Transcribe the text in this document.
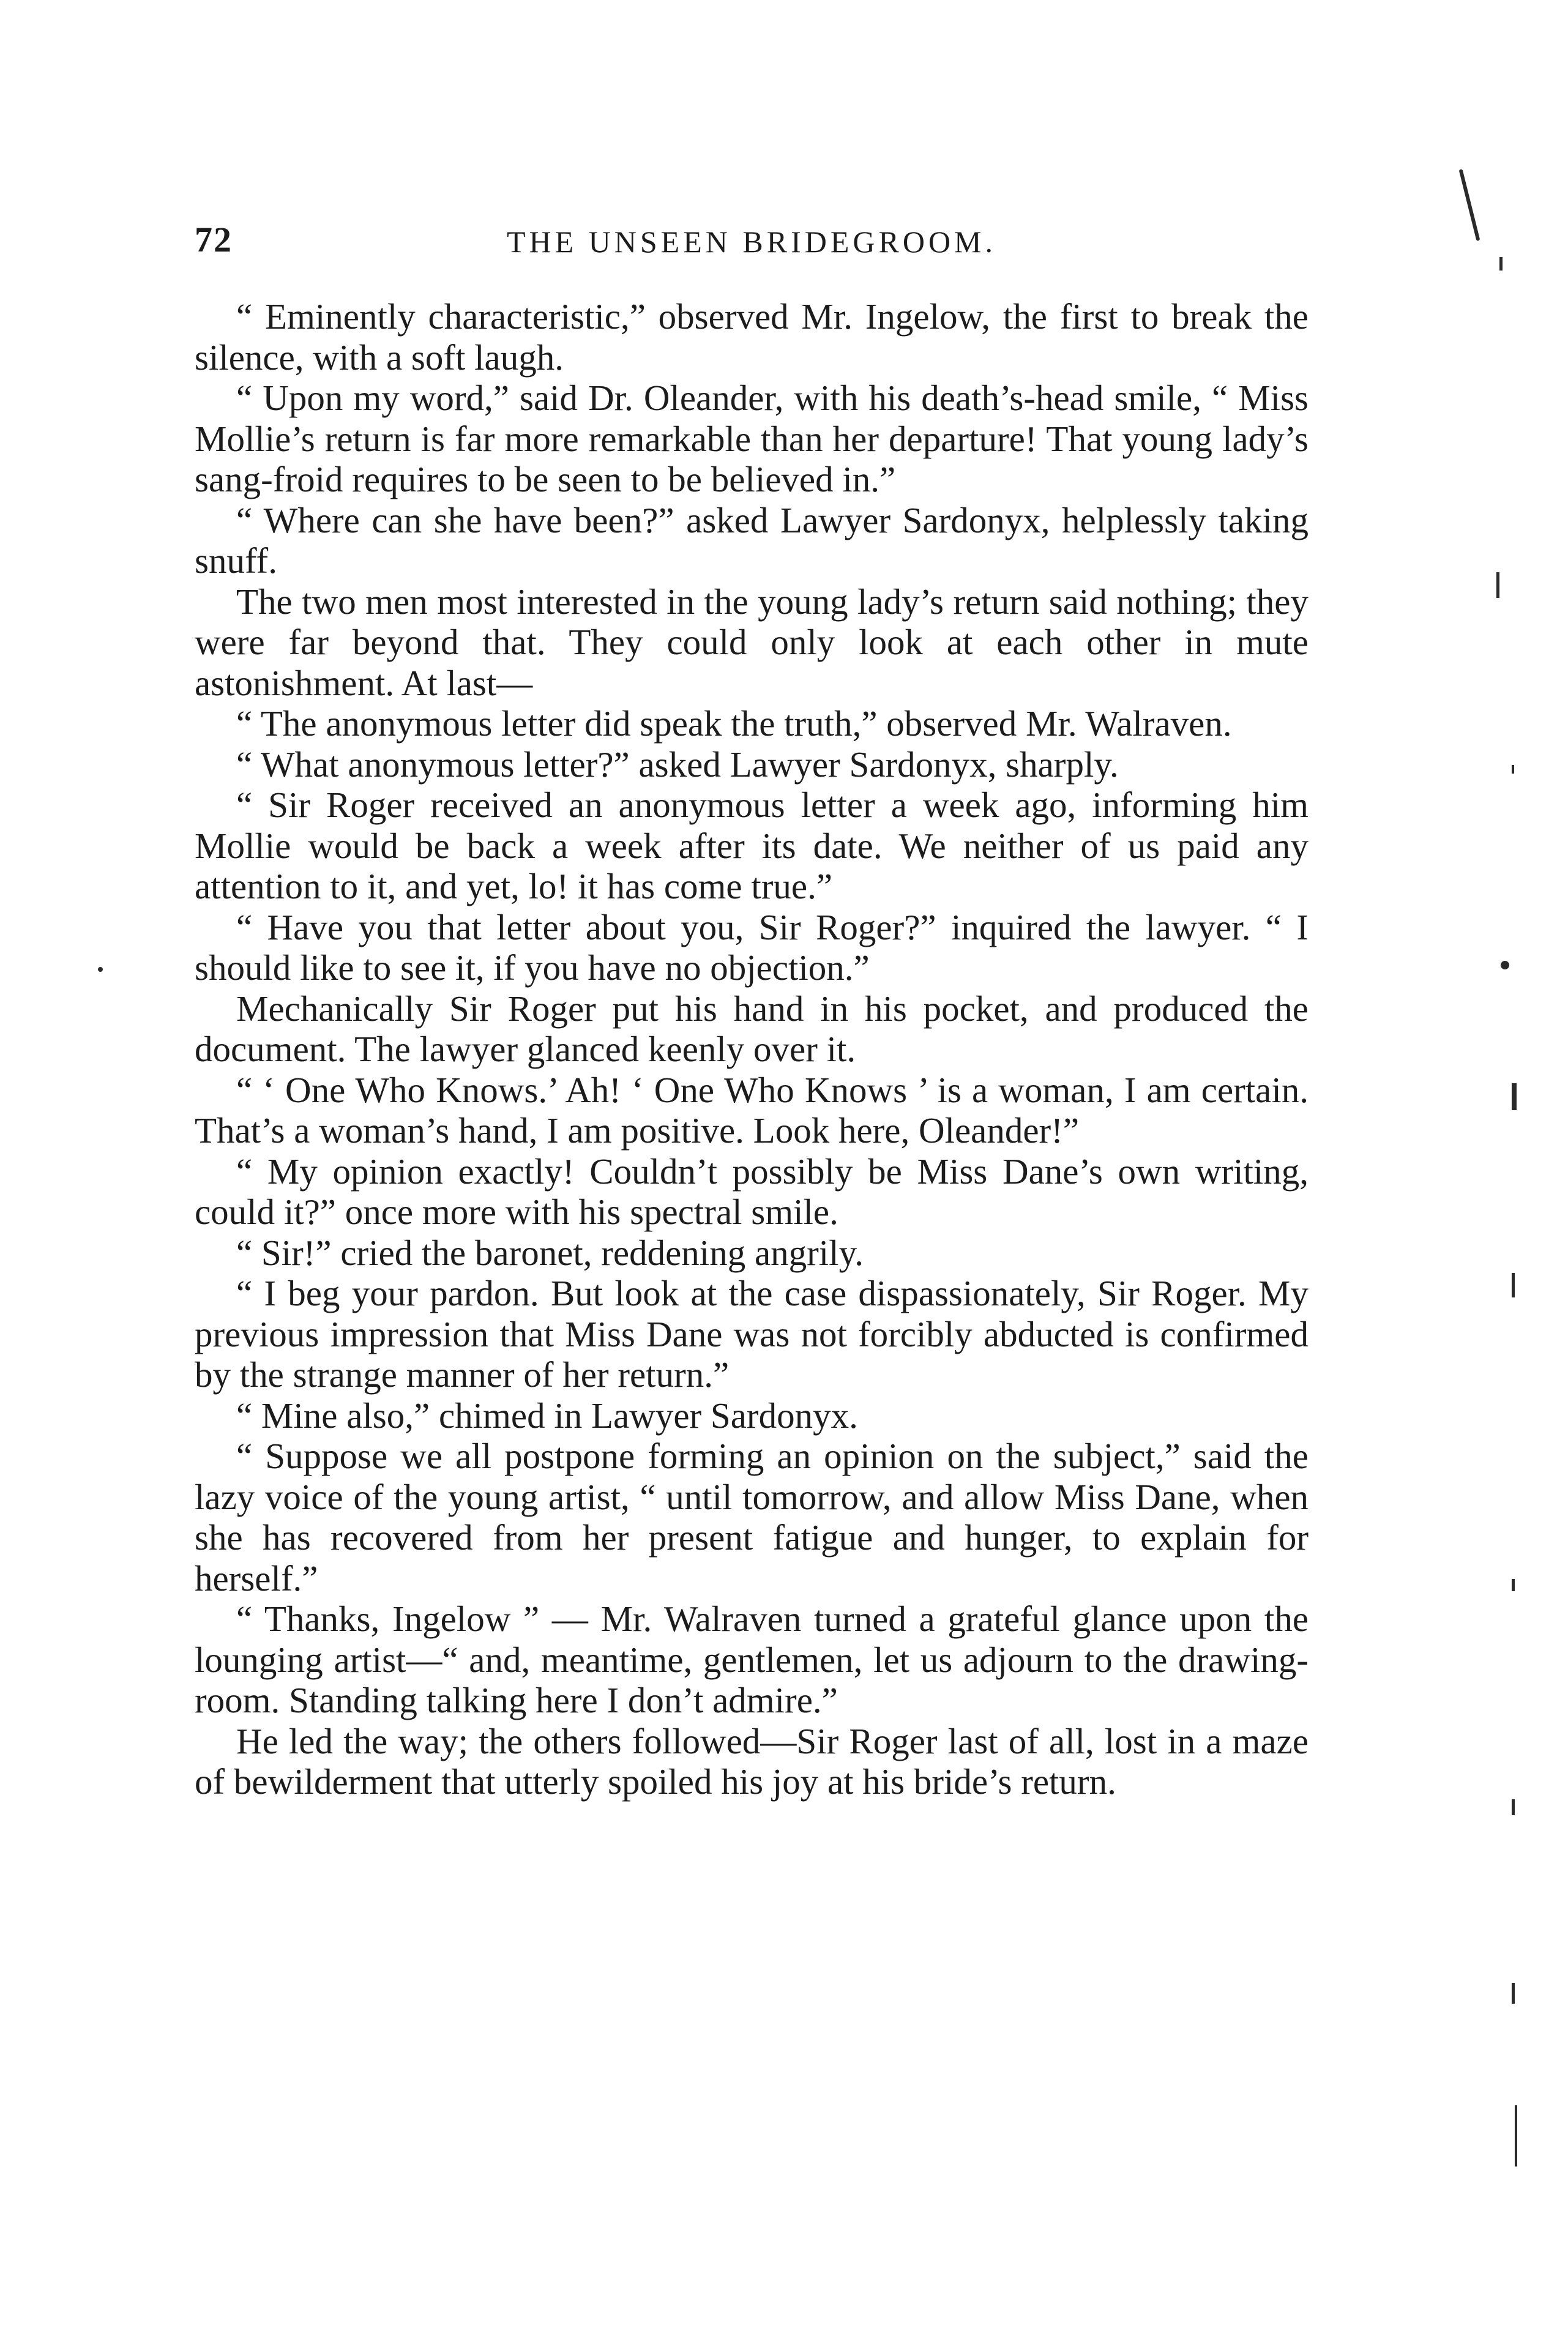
72	THE UNSEEN BRIDEGROOM.

“ Eminently characteristic,” observed Mr. Ingelow, the first to break the silence, with a soft laugh.

“ Upon my word,” said Dr. Oleander, with his death’s-head smile, “ Miss Mollie’s return is far more remarkable than her departure! That young lady’s sang-froid requires to be seen to be believed in.”

“ Where can she have been?” asked Lawyer Sardonyx, helplessly taking snuff.

The two men most interested in the young lady’s return said nothing; they were far beyond that. They could only look at each other in mute astonishment. At last—

“ The anonymous letter did speak the truth,” observed Mr. Walraven.

“ What anonymous letter?” asked Lawyer Sardonyx, sharply.

“ Sir Roger received an anonymous letter a week ago, informing him Mollie would be back a week after its date. We neither of us paid any attention to it, and yet, lo! it has come true.”

“ Have you that letter about you, Sir Roger?” inquired the lawyer. “ I should like to see it, if you have no objection.”

Mechanically Sir Roger put his hand in his pocket, and produced the document. The lawyer glanced keenly over it.

“ ‘ One Who Knows.’ Ah! ‘ One Who Knows ’ is a woman, I am certain. That’s a woman’s hand, I am positive. Look here, Oleander!”

“ My opinion exactly! Couldn’t possibly be Miss Dane’s own writing, could it?” once more with his spectral smile.

“ Sir!” cried the baronet, reddening angrily.

“ I beg your pardon. But look at the case dispassionately, Sir Roger. My previous impression that Miss Dane was not forcibly abducted is confirmed by the strange manner of her return.”

“ Mine also,” chimed in Lawyer Sardonyx.

“ Suppose we all postpone forming an opinion on the subject,” said the lazy voice of the young artist, “ until tomorrow, and allow Miss Dane, when she has recovered from her present fatigue and hunger, to explain for herself.”

“ Thanks, Ingelow ” — Mr. Walraven turned a grateful glance upon the lounging artist—“ and, meantime, gentlemen, let us adjourn to the drawing-room. Standing talking here I don’t admire.”

He led the way; the others followed—Sir Roger last of all, lost in a maze of bewilderment that utterly spoiled his joy at his bride’s return.
